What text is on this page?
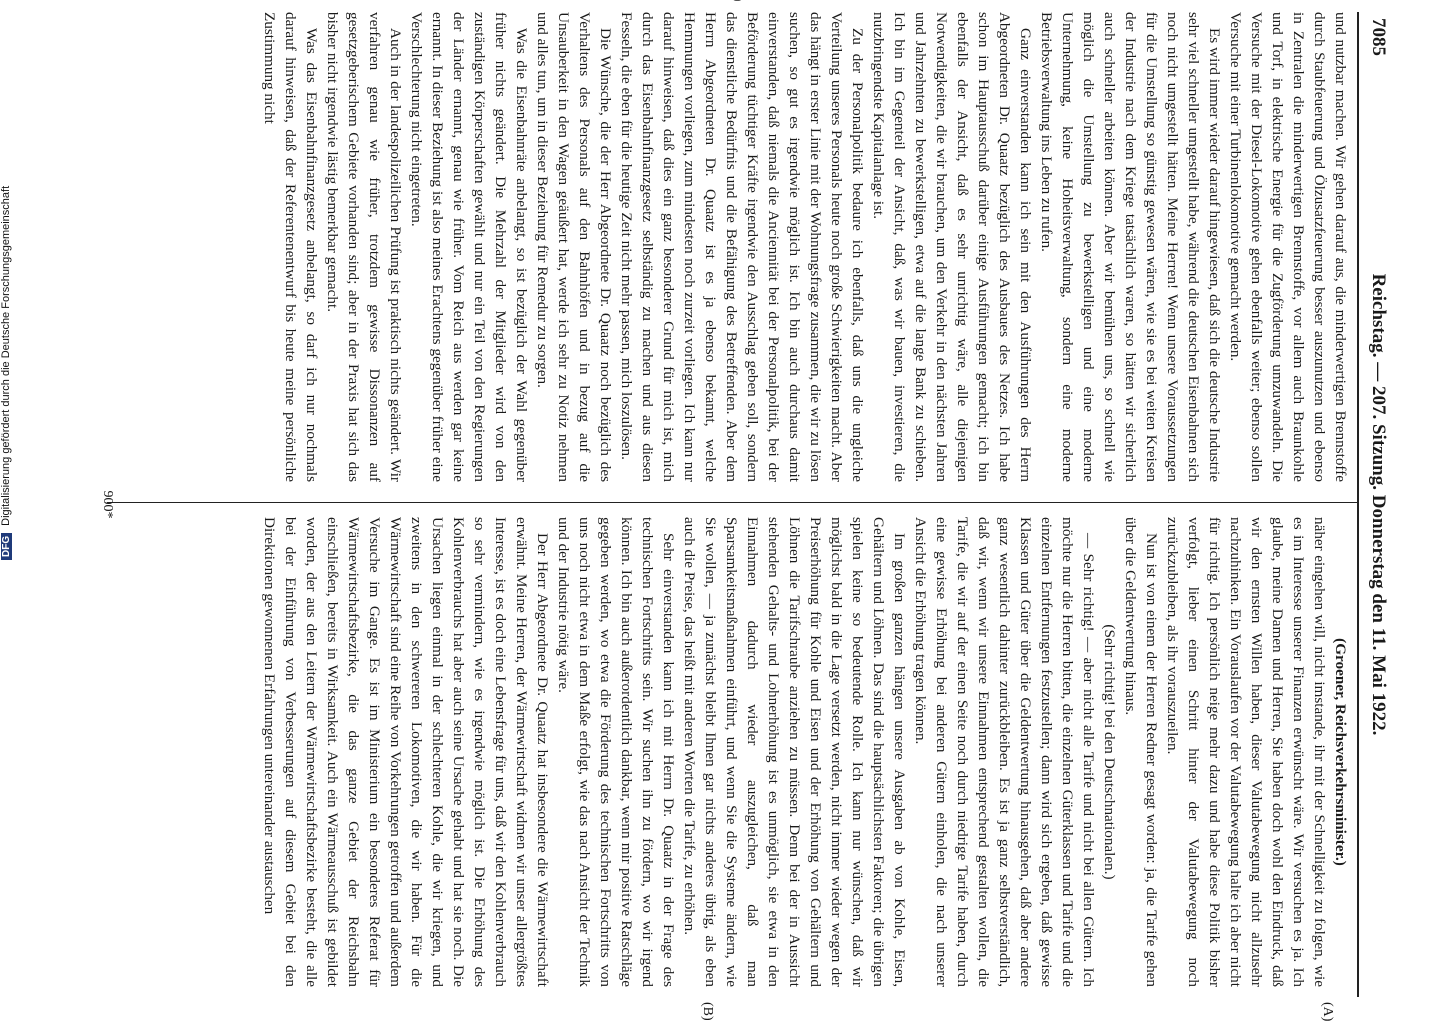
7085
Reichstag. — 207. Sitzung. Donnerstag den 11. Mai 1922.

und nutzbar machen. Wir gehen darauf aus, die minderwertigen Brennstoffe durch Staubfeuerung und Ölzusatzfeuerung besser auszunutzen und ebenso in Zentralen die minderwertigen Brennstoffe, vor allem auch Braunkohle und Torf, in elektrische Energie für die Zugförderung umzuwandeln. Die Versuche mit der Diesel-Lokomotive gehen ebenfalls weiter; ebenso sollen Versuche mit einer Turbinenlokomotive gemacht werden.

Es wird immer wieder darauf hingewiesen, daß sich die deutsche Industrie sehr viel schneller umgestellt habe, während die deutschen Eisenbahnen sich noch nicht umgestellt hätten. Meine Herren! Wenn unsere Voraussetzungen für die Umstellung so günstig gewesen wären, wie sie es bei weiten Kreisen der Industrie nach dem Kriege tatsächlich waren, so hätten wir sicherlich auch schneller arbeiten können. Aber wir bemühen uns, so schnell wie möglich die Umstellung zu bewerkstelligen und eine moderne Unternehmung, keine Hoheitsverwaltung, sondern eine moderne Betriebsverwaltung ins Leben zu rufen.

Ganz einverstanden kann ich sein mit den Ausführungen des Herrn Abgeordneten Dr. Quaatz bezüglich des Ausbaues des Netzes. Ich habe schon im Hauptausschuß darüber einige Ausführungen gemacht; ich bin ebenfalls der Ansicht, daß es sehr unrichtig wäre, alle diejenigen Notwendigkeiten, die wir brauchen, um den Verkehr in den nächsten Jahren und Jahrzehnten zu bewerkstelligen, etwa auf die lange Bank zu schieben. Ich bin im Gegenteil der Ansicht, daß, was wir bauen, investieren, die nutzbringendste Kapitalanlage ist.

Zu der Personalpolitik bedaure ich ebenfalls, daß uns die ungleiche Verteilung unseres Personals heute noch große Schwierigkeiten macht. Aber das hängt in erster Linie mit der Wohnungsfrage zusammen, die wir zu lösen suchen, so gut es irgendwie möglich ist. Ich bin auch durchaus damit einverstanden, daß niemals die Anciennität bei der Personalpolitik, bei der Beförderung tüchtiger Kräfte irgendwie den Ausschlag geben soll, sondern das dienstliche Bedürfnis und die Befähigung des Betreffenden. Aber dem Herrn Abgeordneten Dr. Quaatz ist es ja ebenso bekannt, welche Hemmungen vorliegen, zum mindesten noch zurzeit vorliegen. Ich kann nur darauf hinweisen, daß dies ein ganz besonderer Grund für mich ist, mich durch das Eisenbahnfinanzgesetz selbständig zu machen und aus diesen Fesseln, die eben für die heutige Zeit nicht mehr passen, mich loszulösen.

Die Wünsche, die der Herr Abgeordnete Dr. Quaatz noch bezüglich des Verhaltens des Personals auf den Bahnhöfen und in bezug auf die Unsauberkeit in den Wagen geäußert hat, werde ich sehr zu Notiz nehmen und alles tun, um in dieser Beziehung für Remedur zu sorgen.

Was die Eisenbahnräte anbelangt, so ist bezüglich der Wahl gegenüber früher nichts geändert. Die Mehrzahl der Mitglieder wird von den zuständigen Körperschaften gewählt und nur ein Teil von den Regierungen der Länder ernannt, genau wie früher. Vom Reich aus werden gar keine ernannt. In dieser Beziehung ist also meines Erachtens gegenüber früher eine Verschlechterung nicht eingetreten.

Auch in der landespolizeilichen Prüfung ist praktisch nichts geändert. Wir verfahren genau wie früher, trotzdem gewisse Dissonanzen auf gesetzgeberischem Gebiete vorhanden sind; aber in der Praxis hat sich das bisher nicht irgendwie lästig bemerkbar gemacht.

Was das Eisenbahnfinanzgesetz anbelangt, so darf ich nur nochmals darauf hinweisen, daß der Referentenentwurf bis heute meine persönliche Zustimmung nicht

(Groener, Reichsverkehrsminister.)

näher eingehen will, nicht imstande, ihr mit der Schnelligkeit zu folgen, wie es im Interesse unserer Finanzen erwünscht wäre. Wir versuchen es ja. Ich glaube, meine Damen und Herren, Sie haben doch wohl den Eindruck, daß wir den ernsten Willen haben, dieser Valutabewegung nicht allzusehr nachzuhinken. Ein Vorauslaufen vor der Valutabewegung halte ich aber nicht für richtig. Ich persönlich neige mehr dazu und habe diese Politik bisher verfolgt, lieber einen Schritt hinter der Valutabewegung noch zurückzubleiben, als ihr vorauszueilen.

Nun ist von einem der Herren Redner gesagt worden: ja, die Tarife gehen über die Geldentwertung hinaus.

(Sehr richtig! bei den Deutschnationalen.)

— Sehr richtig! — aber nicht alle Tarife und nicht bei allen Gütern. Ich möchte nur die Herren bitten, die einzelnen Güterklassen und Tarife und die einzelnen Entfernungen festzustellen; dann wird sich ergeben, daß gewisse Klassen und Güter über die Geldentwertung hinausgehen, daß aber andere ganz wesentlich dahinter zurückbleiben. Es ist ja ganz selbstverständlich, daß wir, wenn wir unsere Einnahmen entsprechend gestalten wollen, die Tarife, die wir auf der einen Seite noch durch niedrige Tarife haben, durch eine gewisse Erhöhung bei anderen Gütern einholen, die nach unserer Ansicht die Erhöhung tragen können.

Im großen ganzen hängen unsere Ausgaben ab von Kohle, Eisen, Gehältern und Löhnen. Das sind die hauptsächlichsten Faktoren; die übrigen spielen keine so bedeutende Rolle. Ich kann nur wünschen, daß wir möglichst bald in die Lage versetzt werden, nicht immer wieder wegen der Preiserhöhung für Kohle und Eisen und der Erhöhung von Gehältern und Löhnen die Tarifschraube anziehen zu müssen. Denn bei der in Aussicht stehenden Gehalts- und Lohnerhöhung ist es unmöglich, sie etwa in den Einnahmen dadurch wieder auszugleichen, daß man Sparsamkeitsmaßnahmen einführt, und wenn Sie die Systeme ändern, wie Sie wollen, — ja zunächst bleibt Ihnen gar nichts anderes übrig, als eben auch die Preise, das heißt mit anderen Worten die Tarife, zu erhöhen.

Sehr einverstanden kann ich mit Herrn Dr. Quaatz in der Frage des technischen Fortschritts sein. Wir suchen ihn zu fördern, wo wir irgend können. Ich bin auch außerordentlich dankbar, wenn mir positive Ratschläge gegeben werden, wo etwa die Förderung des technischen Fortschritts von uns noch nicht etwa in dem Maße erfolgt, wie das nach Ansicht der Technik und der Industrie nötig wäre.

Der Herr Abgeordnete Dr. Quaatz hat insbesondere die Wärmewirtschaft erwähnt. Meine Herren, der Wärmewirtschaft widmen wir unser allergrößtes Interesse, ist es doch eine Lebensfrage für uns, daß wir den Kohlenverbrauch so sehr vermindern, wie es irgendwie möglich ist. Die Erhöhung des Kohlenverbrauchs hat aber auch seine Ursache gehabt und hat sie noch. Die Ursachen liegen einmal in der schlechteren Kohle, die wir kriegen, und zweitens in den schwereren Lokomotiven, die wir haben. Für die Wärmewirtschaft sind eine Reihe von Vorkehrungen getroffen und außerdem Versuche im Gange. Es ist im Ministerium ein besonderes Referat für Wärmewirtschaftsbezirke, die das ganze Gebiet der Reichsbahn einschließen, bereits in Wirksamkeit. Auch ein Wärmeausschuß ist gebildet worden, der aus den Leitern der Wärmewirtschaftsbezirke besteht, die alle bei der Einführung von Verbesserungen auf diesem Gebiet bei den Direktionen gewonnenen Erfahrungen untereinander austauschen

(A)
(B)
900*
DFG Digitalisierung gefördert durch die Deutsche Forschungsgemeinschaft
